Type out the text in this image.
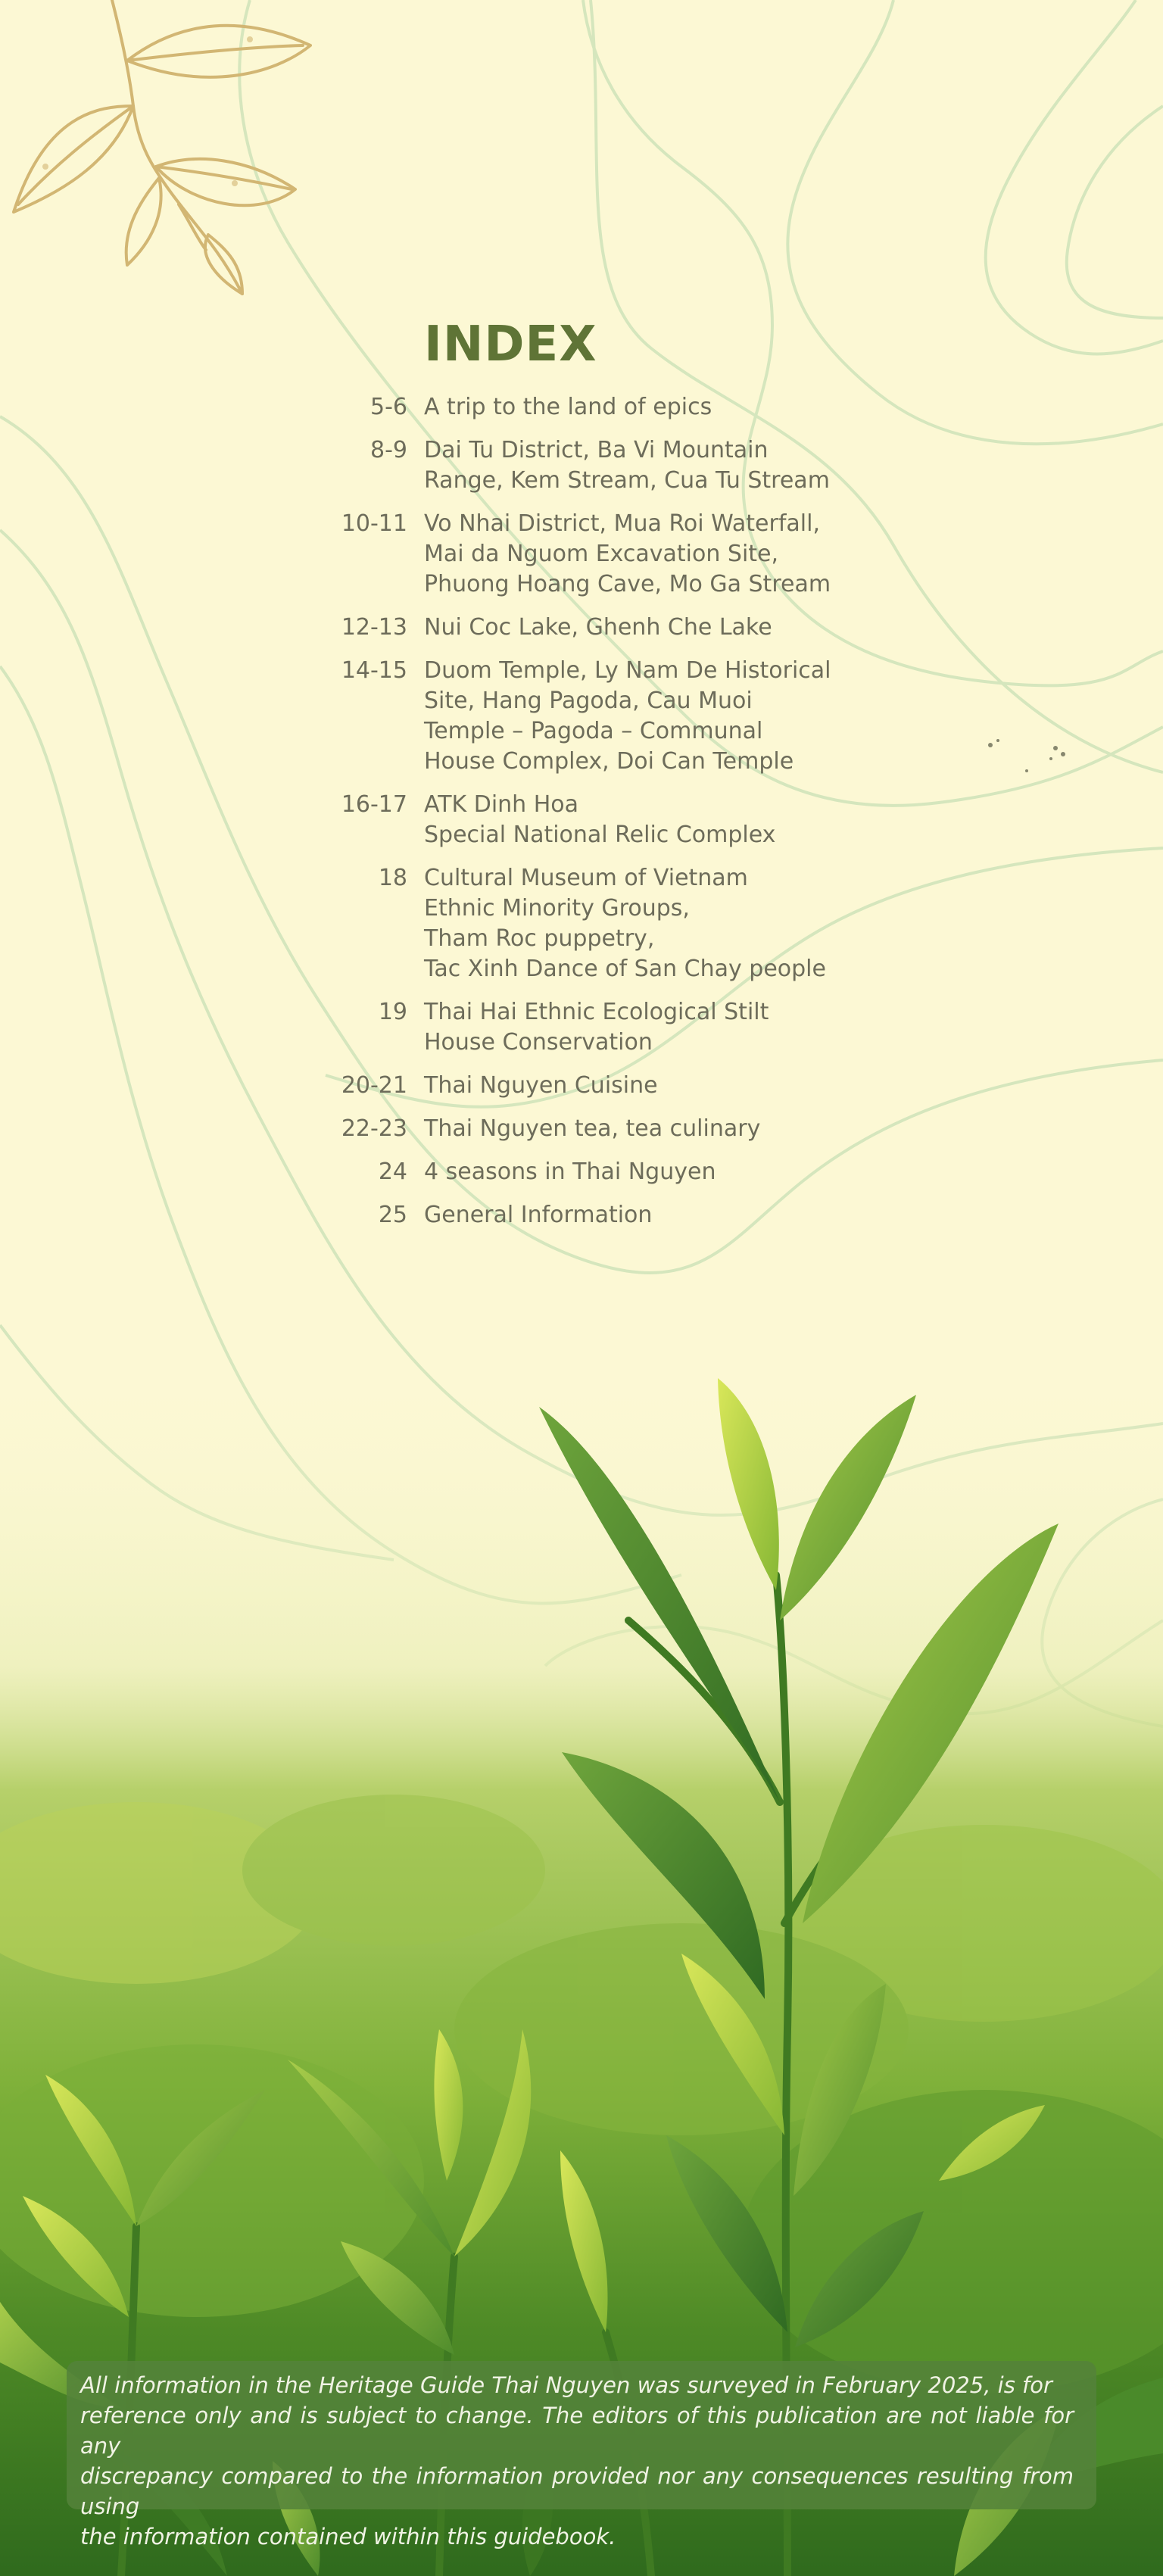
INDEX
5-6 A trip to the land of epics
8-9 Dai Tu District, Ba Vi Mountain
Range, Kem Stream, Cua Tu Stream
10-11 Vo Nhai District, Mua Roi Waterfall,
Mai da Nguom Excavation Site,
Phuong Hoang Cave, Mo Ga Stream
12-13 Nui Coc Lake, Ghenh Che Lake
14-15 Duom Temple, Ly Nam De Historical
Site, Hang Pagoda, Cau Muoi
Temple – Pagoda – Communal
House Complex, Doi Can Temple
16-17 ATK Dinh Hoa
Special National Relic Complex
18 Cultural Museum of Vietnam
Ethnic Minority Groups,
Tham Roc puppetry,
Tac Xinh Dance of San Chay people
19 Thai Hai Ethnic Ecological Stilt
House Conservation
20-21 Thai Nguyen Cuisine
22-23 Thai Nguyen tea, tea culinary
24 4 seasons in Thai Nguyen
25 General Information

All information in the Heritage Guide Thai Nguyen was surveyed in February 2025, is for
reference only and is subject to change. The editors of this publication are not liable for any
discrepancy compared to the information provided nor any consequences resulting from using
the information contained within this guidebook.
